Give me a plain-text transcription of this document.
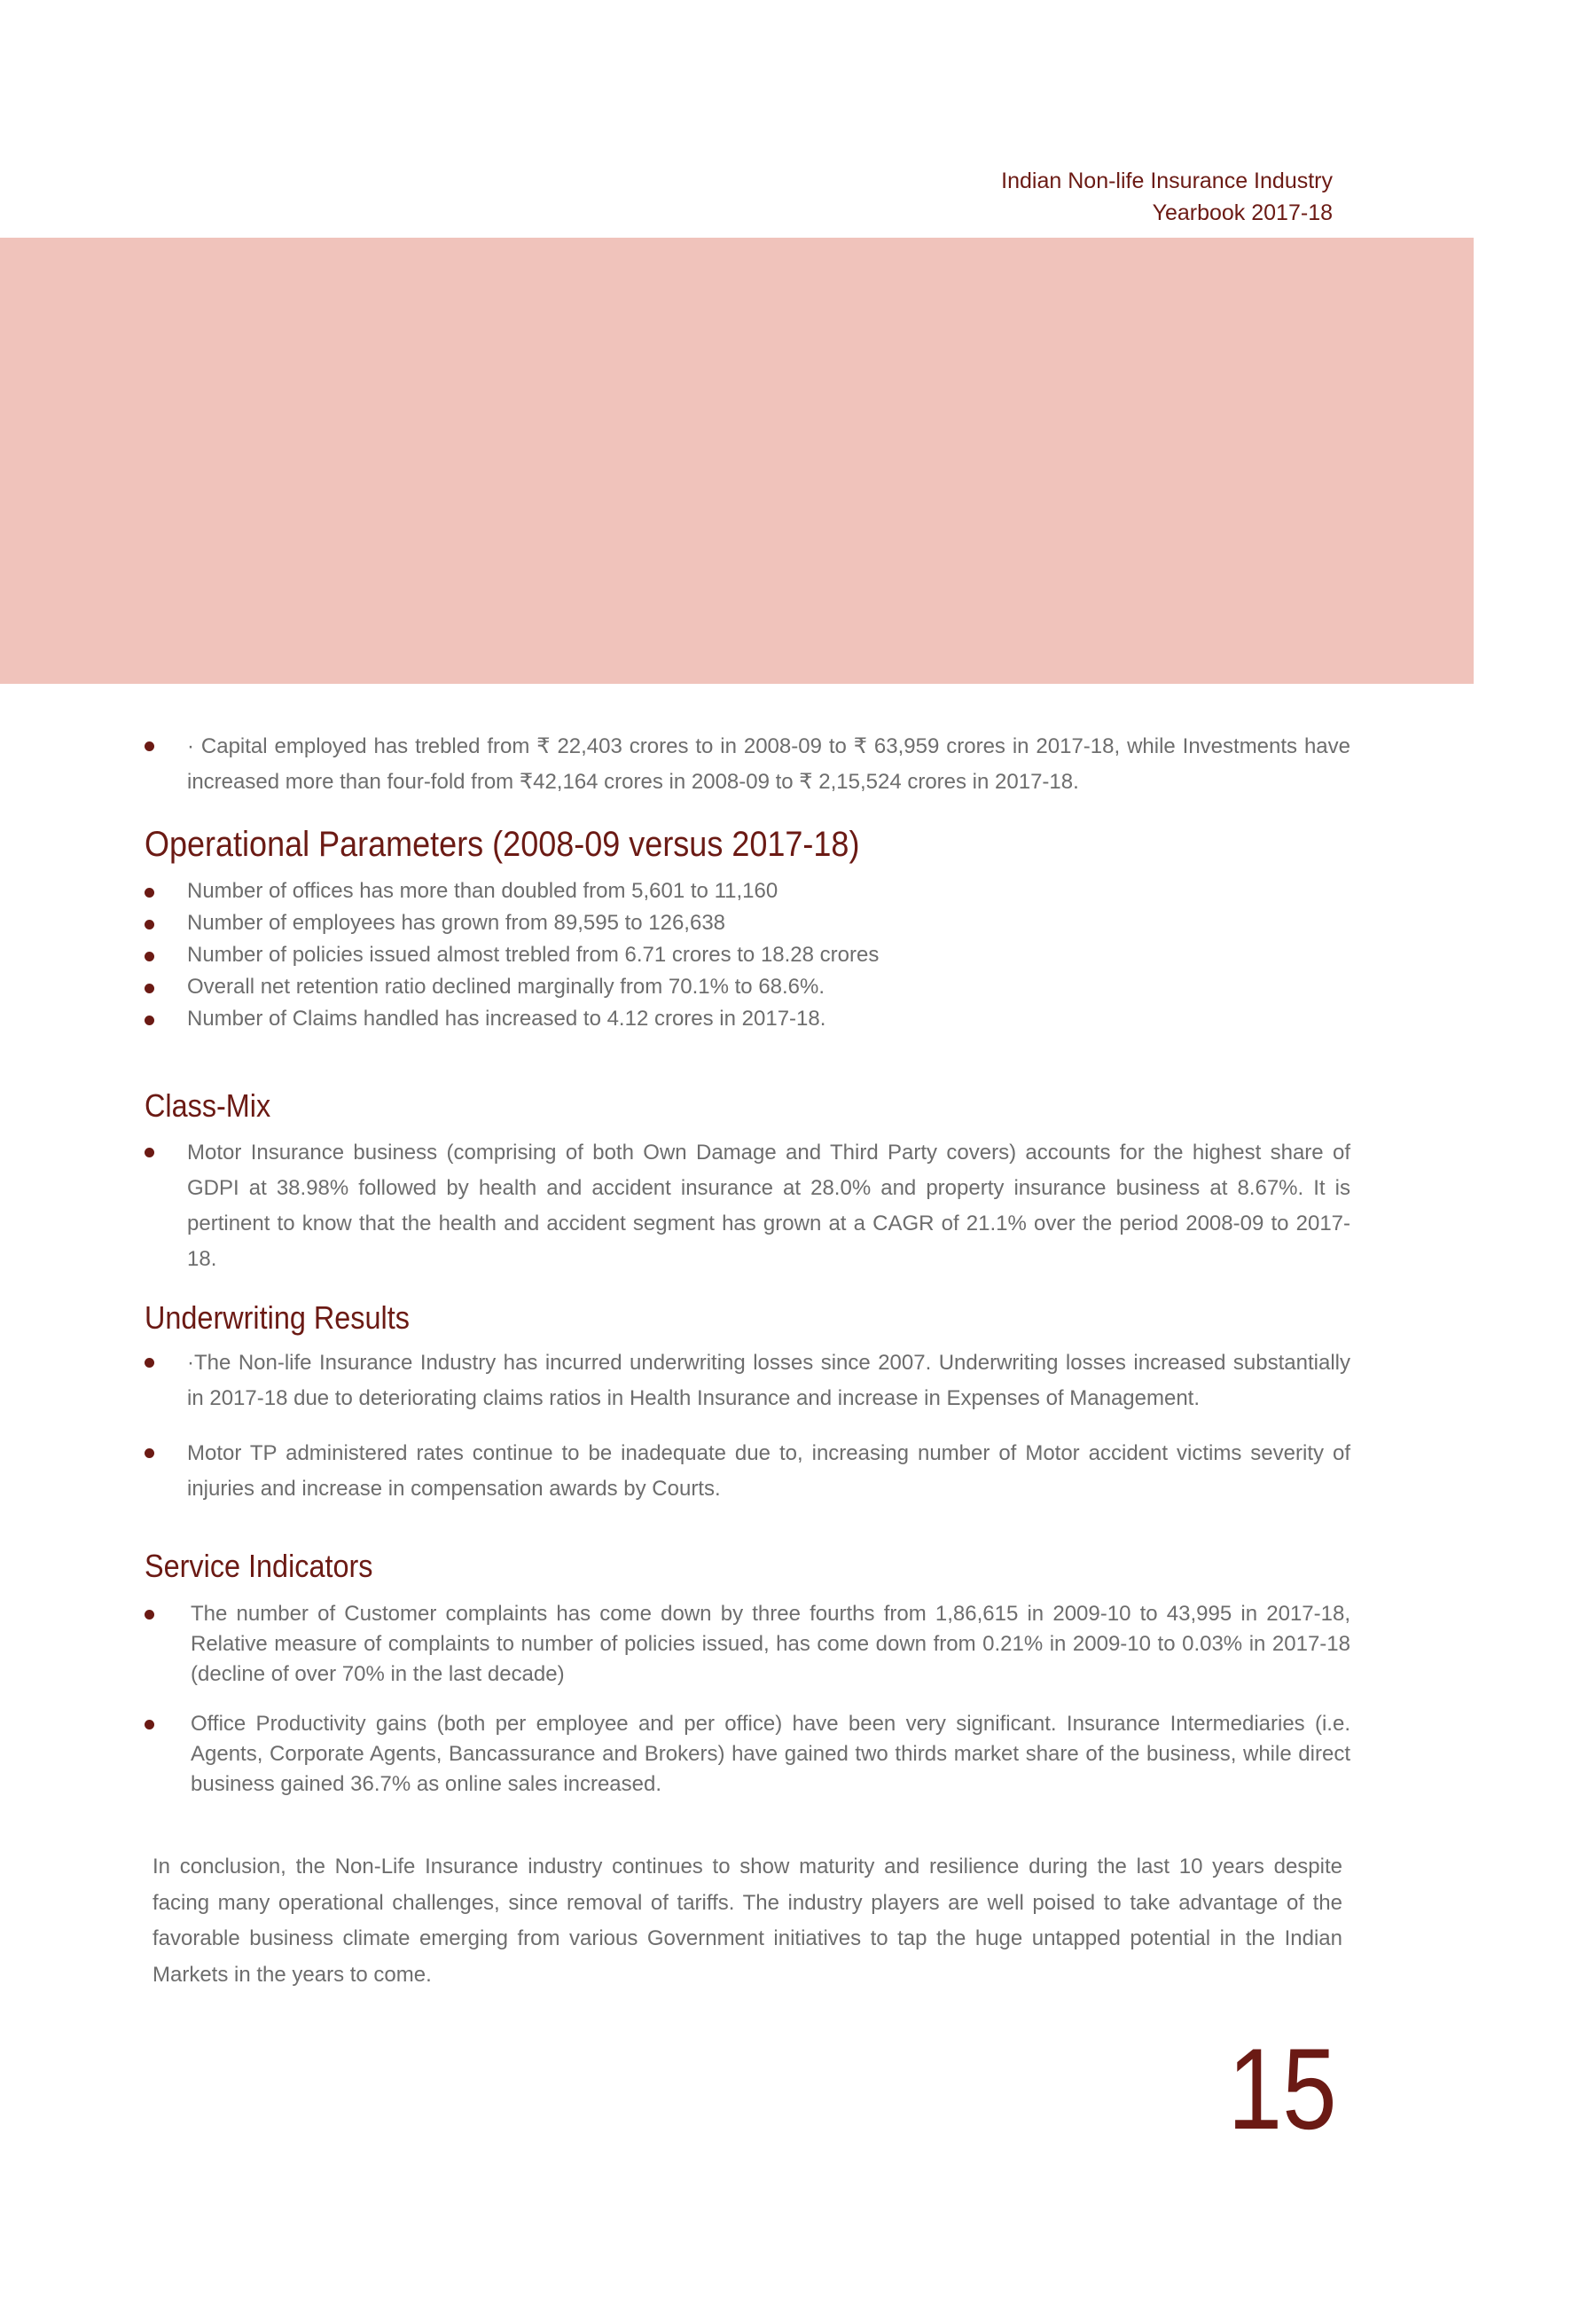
Indian Non-life Insurance Industry
Yearbook 2017-18
· Capital employed has trebled from ₹ 22,403 crores to in 2008-09 to ₹ 63,959 crores in 2017-18, while Investments have increased more than four-fold from ₹42,164 crores in 2008-09 to ₹ 2,15,524 crores in 2017-18.
Operational Parameters (2008-09 versus 2017-18)
Number of offices has more than doubled from 5,601 to 11,160
Number of employees has grown from 89,595 to 126,638
Number of policies issued almost trebled from 6.71 crores to 18.28 crores
Overall net retention ratio declined marginally from 70.1% to 68.6%.
Number of Claims handled has increased to 4.12 crores in 2017-18.
Class-Mix
Motor Insurance business (comprising of both Own Damage and Third Party covers) accounts for the highest share of GDPI at 38.98% followed by health and accident insurance at 28.0% and property insurance business at 8.67%. It is pertinent to know that the health and accident segment has grown at a CAGR of 21.1% over the period 2008-09 to 2017-18.
Underwriting Results
·The Non-life Insurance Industry has incurred underwriting losses since 2007. Underwriting losses increased substantially in 2017-18 due to deteriorating claims ratios in Health Insurance and increase in Expenses of Management.
Motor TP administered rates continue to be inadequate due to, increasing number of Motor accident victims severity of injuries and increase in compensation awards by Courts.
Service Indicators
The number of Customer complaints has come down by three fourths from 1,86,615 in 2009-10 to 43,995 in 2017-18, Relative measure of complaints to number of policies issued, has come down from 0.21% in 2009-10 to 0.03% in 2017-18 (decline of over 70% in the last decade)
Office Productivity gains (both per employee and per office) have been very significant. Insurance Intermediaries (i.e. Agents, Corporate Agents, Bancassurance and Brokers) have gained two thirds market share of the business, while direct business gained 36.7% as online sales increased.

In conclusion, the Non-Life Insurance industry continues to show maturity and resilience during the last 10 years despite facing many operational challenges, since removal of tariffs. The industry players are well poised to take advantage of the favorable business climate emerging from various Government initiatives to tap the huge untapped potential in the Indian Markets in the years to come.

15
